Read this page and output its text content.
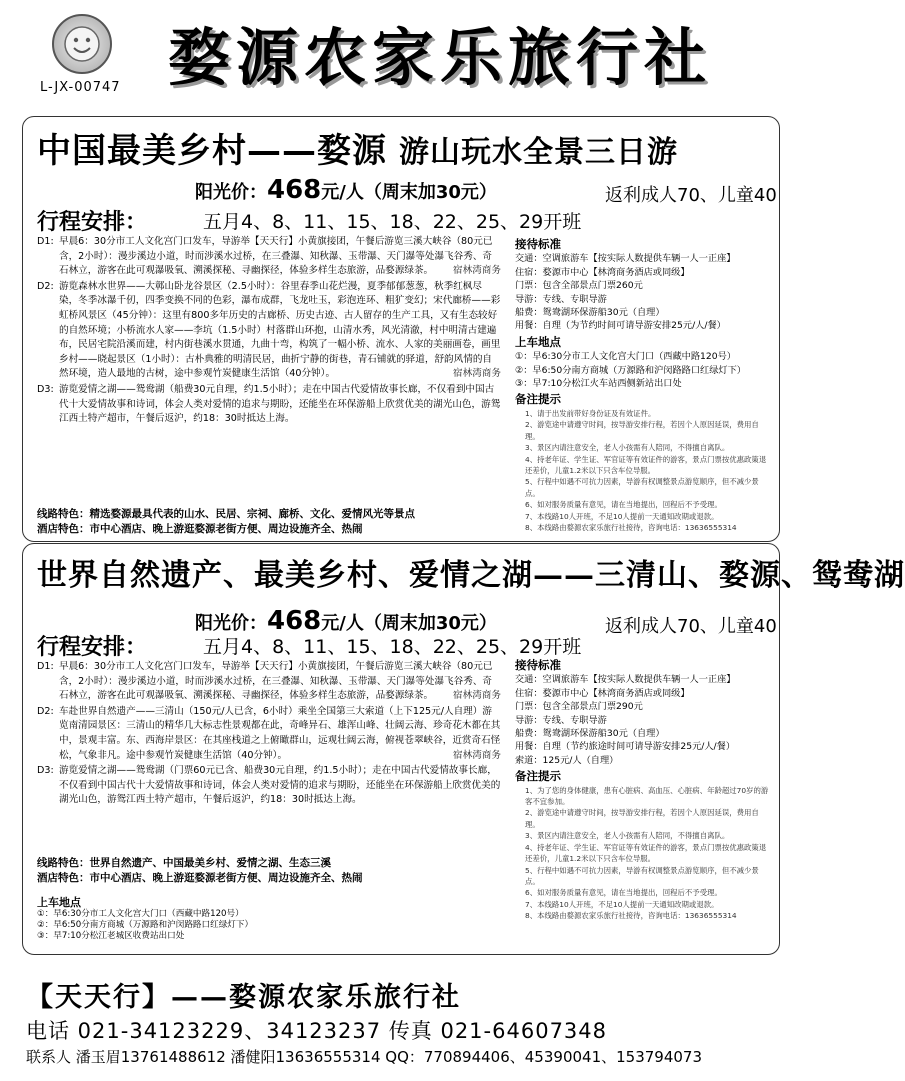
L-JX-00747 婺源农家乐旅行社
中国最美乡村——婺源 游山玩水全景三日游
阳光价：468元/人（周末加30元）	返利成人70、儿童40
行程安排：	五月4、8、11、15、18、22、25、29开班
D1: 早晨6：30分市工人文化宫门口发车，导游举【天天行】小黄旗接团，午餐后游览三溪大峡谷（80元已含，2小时）：漫步溪边小道，时而涉溪水过桥，在三叠瀑、知秋瀑、玉带瀑、天门瀑等处瀑飞谷秀、奇石林立，游客在此可观瀑吸氧、溯溪探秘、寻幽探径，体验多样生态旅游，品婺源绿茶。 宿林湾商务
D2: 游览森林水世界——大鄣山卧龙谷景区（2.5小时）：谷里春季山花烂漫，夏季郁郁葱葱，秋季红枫尽染，冬季冰瀑千仞，四季变换不同的色彩，瀑布成群，飞龙吐玉，彩泡连环、粗犷变幻；宋代廊桥——彩虹桥风景区（45分钟）：这里有800多年历史的古廊桥、历史古迹、古人留存的生产工具，又有生态较好的自然环境；小桥流水人家——李坑（1.5小时）村落群山环抱，山清水秀，风光清澈，村中明清古建遍布，民居宅院沿溪而建，村内街巷溪水贯通，九曲十弯，构筑了一幅小桥、流水、人家的美丽画卷，画里乡村——晓起景区（1小时）：古朴典雅的明清民居，曲折宁静的街巷，青石铺就的驿道，舒韵风情的自然环境，造人最地的古树，途中参观竹炭健康生活馆（40分钟）。	宿林湾商务
D3: 游览爱情之湖——鸳鸯湖（船费30元自理，约1.5小时）；走在中国古代爱情故事长廊，不仅看到中国古代十大爱情故事和诗词，体会人类对爱情的追求与期盼，还能坐在环保游船上欣赏优美的湖光山色，游鸳江西土特产超市，午餐后返沪，约18：30时抵达上海。
线路特色：精选婺源最具代表的山水、民居、宗祠、廊桥、文化、爱情风光等景点
酒店特色：市中心酒店、晚上游逛婺源老街方便、周边设施齐全、热闹
接待标准
交通：空调旅游车【按实际人数提供车辆一人一正座】
住宿：婺源市中心【林湾商务酒店或同级】
门票：包含全部景点门票260元
导游：专线、专职导游
船费：鸳鸯湖环保游船30元（自理）
用餐：自理（为节约时间可请导游安排25元/人/餐）
上车地点
①：早6:30分市工人文化宫大门口（西藏中路120号）
②：早6:50分南方商城（万源路和沪闵路路口红绿灯下）
③：早7:10分松江火车站西侧新站出口处
备注提示
1、请于出发前带好身份证及有效证件。
2、游览途中请遵守时间，按导游安排行程，若因个人原因延误，费用自理。
3、景区内请注意安全，老人小孩需有人陪同，不得擅自离队。
4、持老年证、学生证、军官证等有效证件的游客，景点门票按优惠政策退还差价，儿童1.2米以下只含车位导服。
5、行程中如遇不可抗力因素，导游有权调整景点游览顺序，但不减少景点。
6、如对服务质量有意见，请在当地提出，回程后不予受理。
7、本线路10人开班，不足10人提前一天通知改期或退款。
8、本线路由婺源农家乐旅行社接待，咨询电话：13636555314
世界自然遗产、最美乡村、爱情之湖——三清山、婺源、鸳鸯湖
阳光价：468元/人（周末加30元）	返利成人70、儿童40
行程安排：	五月4、8、11、15、18、22、25、29开班
D1: 早晨6：30分市工人文化宫门口发车，导游举【天天行】小黄旗接团，午餐后游览三溪大峡谷（80元已含，2小时）：漫步溪边小道，时而涉溪水过桥，在三叠瀑、知秋瀑、玉带瀑、天门瀑等处瀑飞谷秀、奇石林立，游客在此可观瀑吸氧、溯溪探秘、寻幽探径，体验多样生态旅游，品婺源绿茶。 宿林湾商务
D2: 车赴世界自然遗产——三清山（150元/人已含，6小时）乘坐全国第三大索道（上下125元/人自理）游览南清园景区：三清山的精华几大标志性景观都在此，奇峰异石、雄浑山峰、壮阔云海、珍奇花木都在其中，景观丰富。东、西海岸景区：在其座栈道之上俯瞰群山，远观壮阔云海，俯视苍翠峡谷，近赏奇石怪松，气象非凡。途中参观竹炭健康生活馆（40分钟）。	宿林湾商务
D3: 游览爱情之湖——鸳鸯湖（门票60元已含、船费30元自理，约1.5小时）；走在中国古代爱情故事长廊，不仅看到中国古代十大爱情故事和诗词，体会人类对爱情的追求与期盼，还能坐在环保游船上欣赏优美的湖光山色，游鸳江西土特产超市，午餐后返沪，约18：30时抵达上海。
线路特色：世界自然遗产、中国最美乡村、爱情之湖、生态三溪
酒店特色：市中心酒店、晚上游逛婺源老街方便、周边设施齐全、热闹
上车地点
①：早6:30分市工人文化宫大门口（西藏中路120号）
②：早6:50分南方商城（万源路和沪闵路路口红绿灯下）
③：早7:10分松江老城区收费站出口处
接待标准
交通：空调旅游车【按实际人数提供车辆一人一正座】
住宿：婺源市中心【林湾商务酒店或同级】
门票：包含全部景点门票290元
导游：专线、专职导游
船费：鸳鸯湖环保游船30元（自理）
用餐：自理（节约旅途时间可请导游安排25元/人/餐）
索道：125元/人（自理）
备注提示
1、为了您的身体健康，患有心脏病、高血压、心脏病、年龄超过70岁的游客不宜参加。
2、游览途中请遵守时间，按导游安排行程，若因个人原因延误，费用自理。
3、景区内请注意安全，老人小孩需有人陪同，不得擅自离队。
4、持老年证、学生证、军官证等有效证件的游客，景点门票按优惠政策退还差价，儿童1.2米以下只含车位导服。
5、行程中如遇不可抗力因素，导游有权调整景点游览顺序，但不减少景点。
6、如对服务质量有意见，请在当地提出，回程后不予受理。
7、本线路10人开班，不足10人提前一天通知改期或退款。
8、本线路由婺源农家乐旅行社接待，咨询电话：13636555314
【天天行】——婺源农家乐旅行社
电话 021-34123229、34123237 传真 021-64607348
联系人 潘玉眉13761488612 潘健阳13636555314 QQ：770894406、45390041、153794073
